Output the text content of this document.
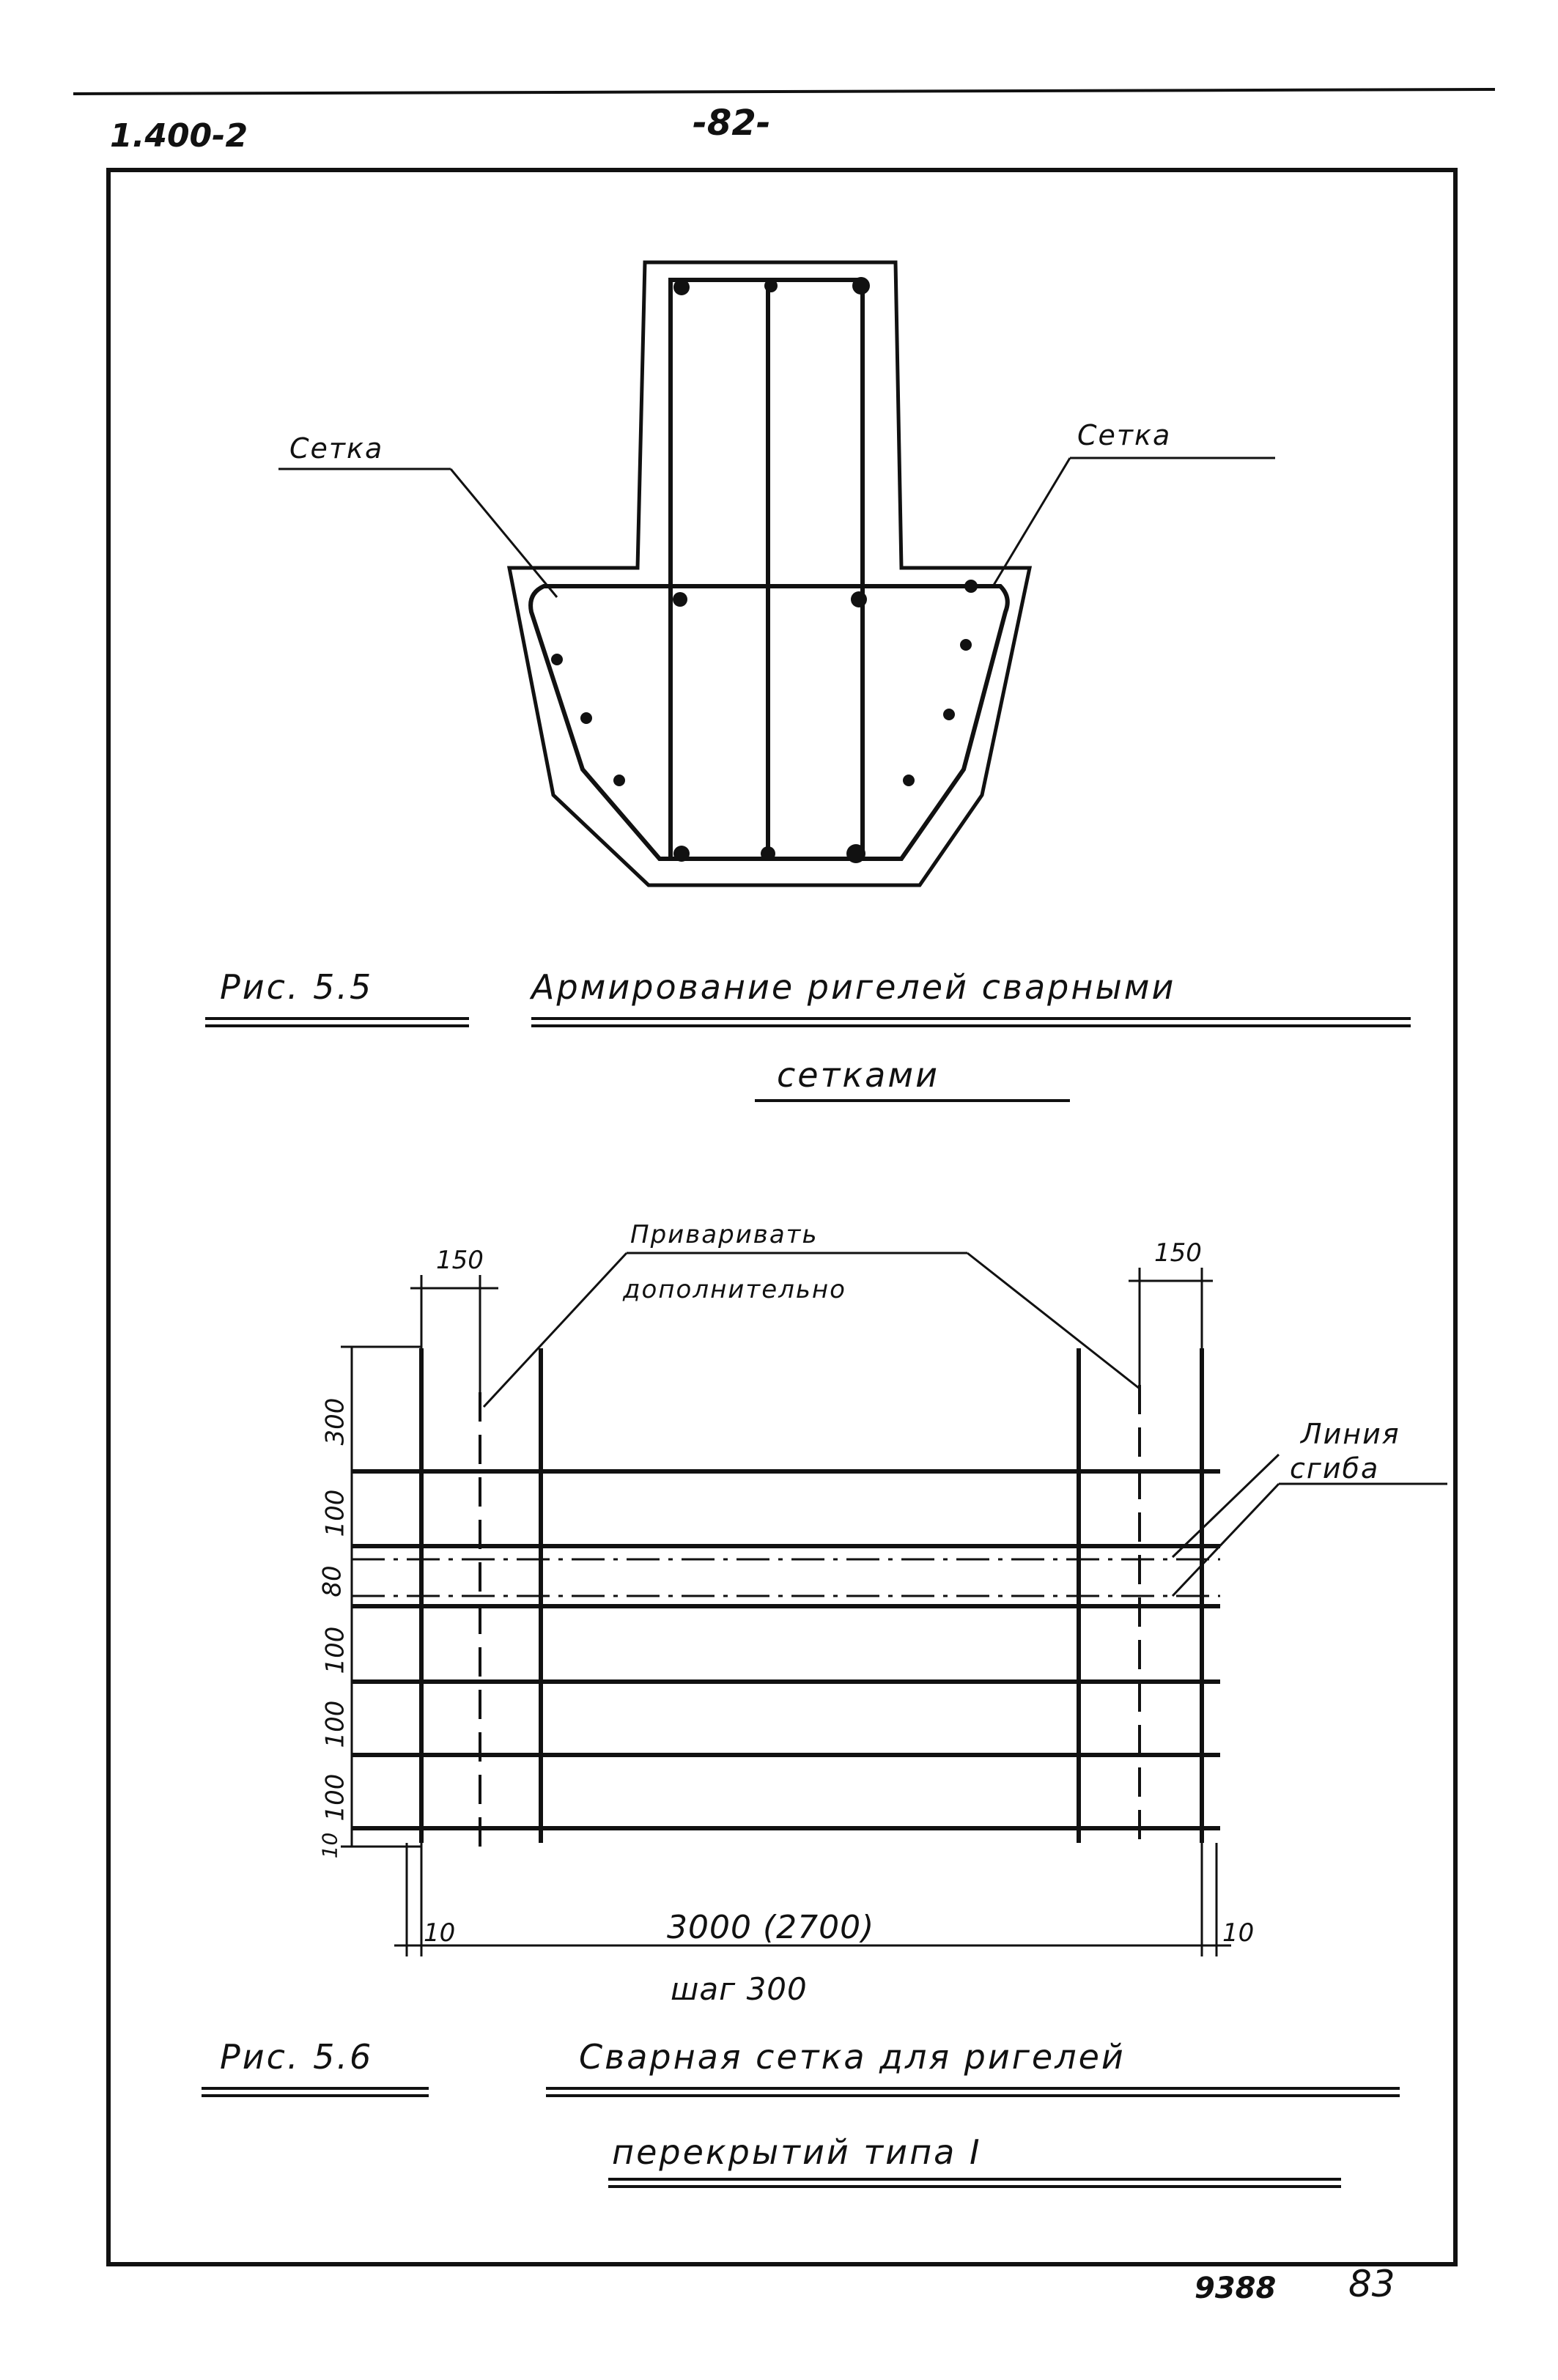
1.400-2	-82-
Сетка	Сетка
Рис. 5.5	Армирование ригелей сварными
сетками
Приваривать
дополнительно
Линия
сгиба
150	150
300
100
80
100
100
100
10
10	10
3000 (2700)
шаг 300
Рис. 5.6	Сварная сетка для ригелей
перекрытий типа I
9388 83
